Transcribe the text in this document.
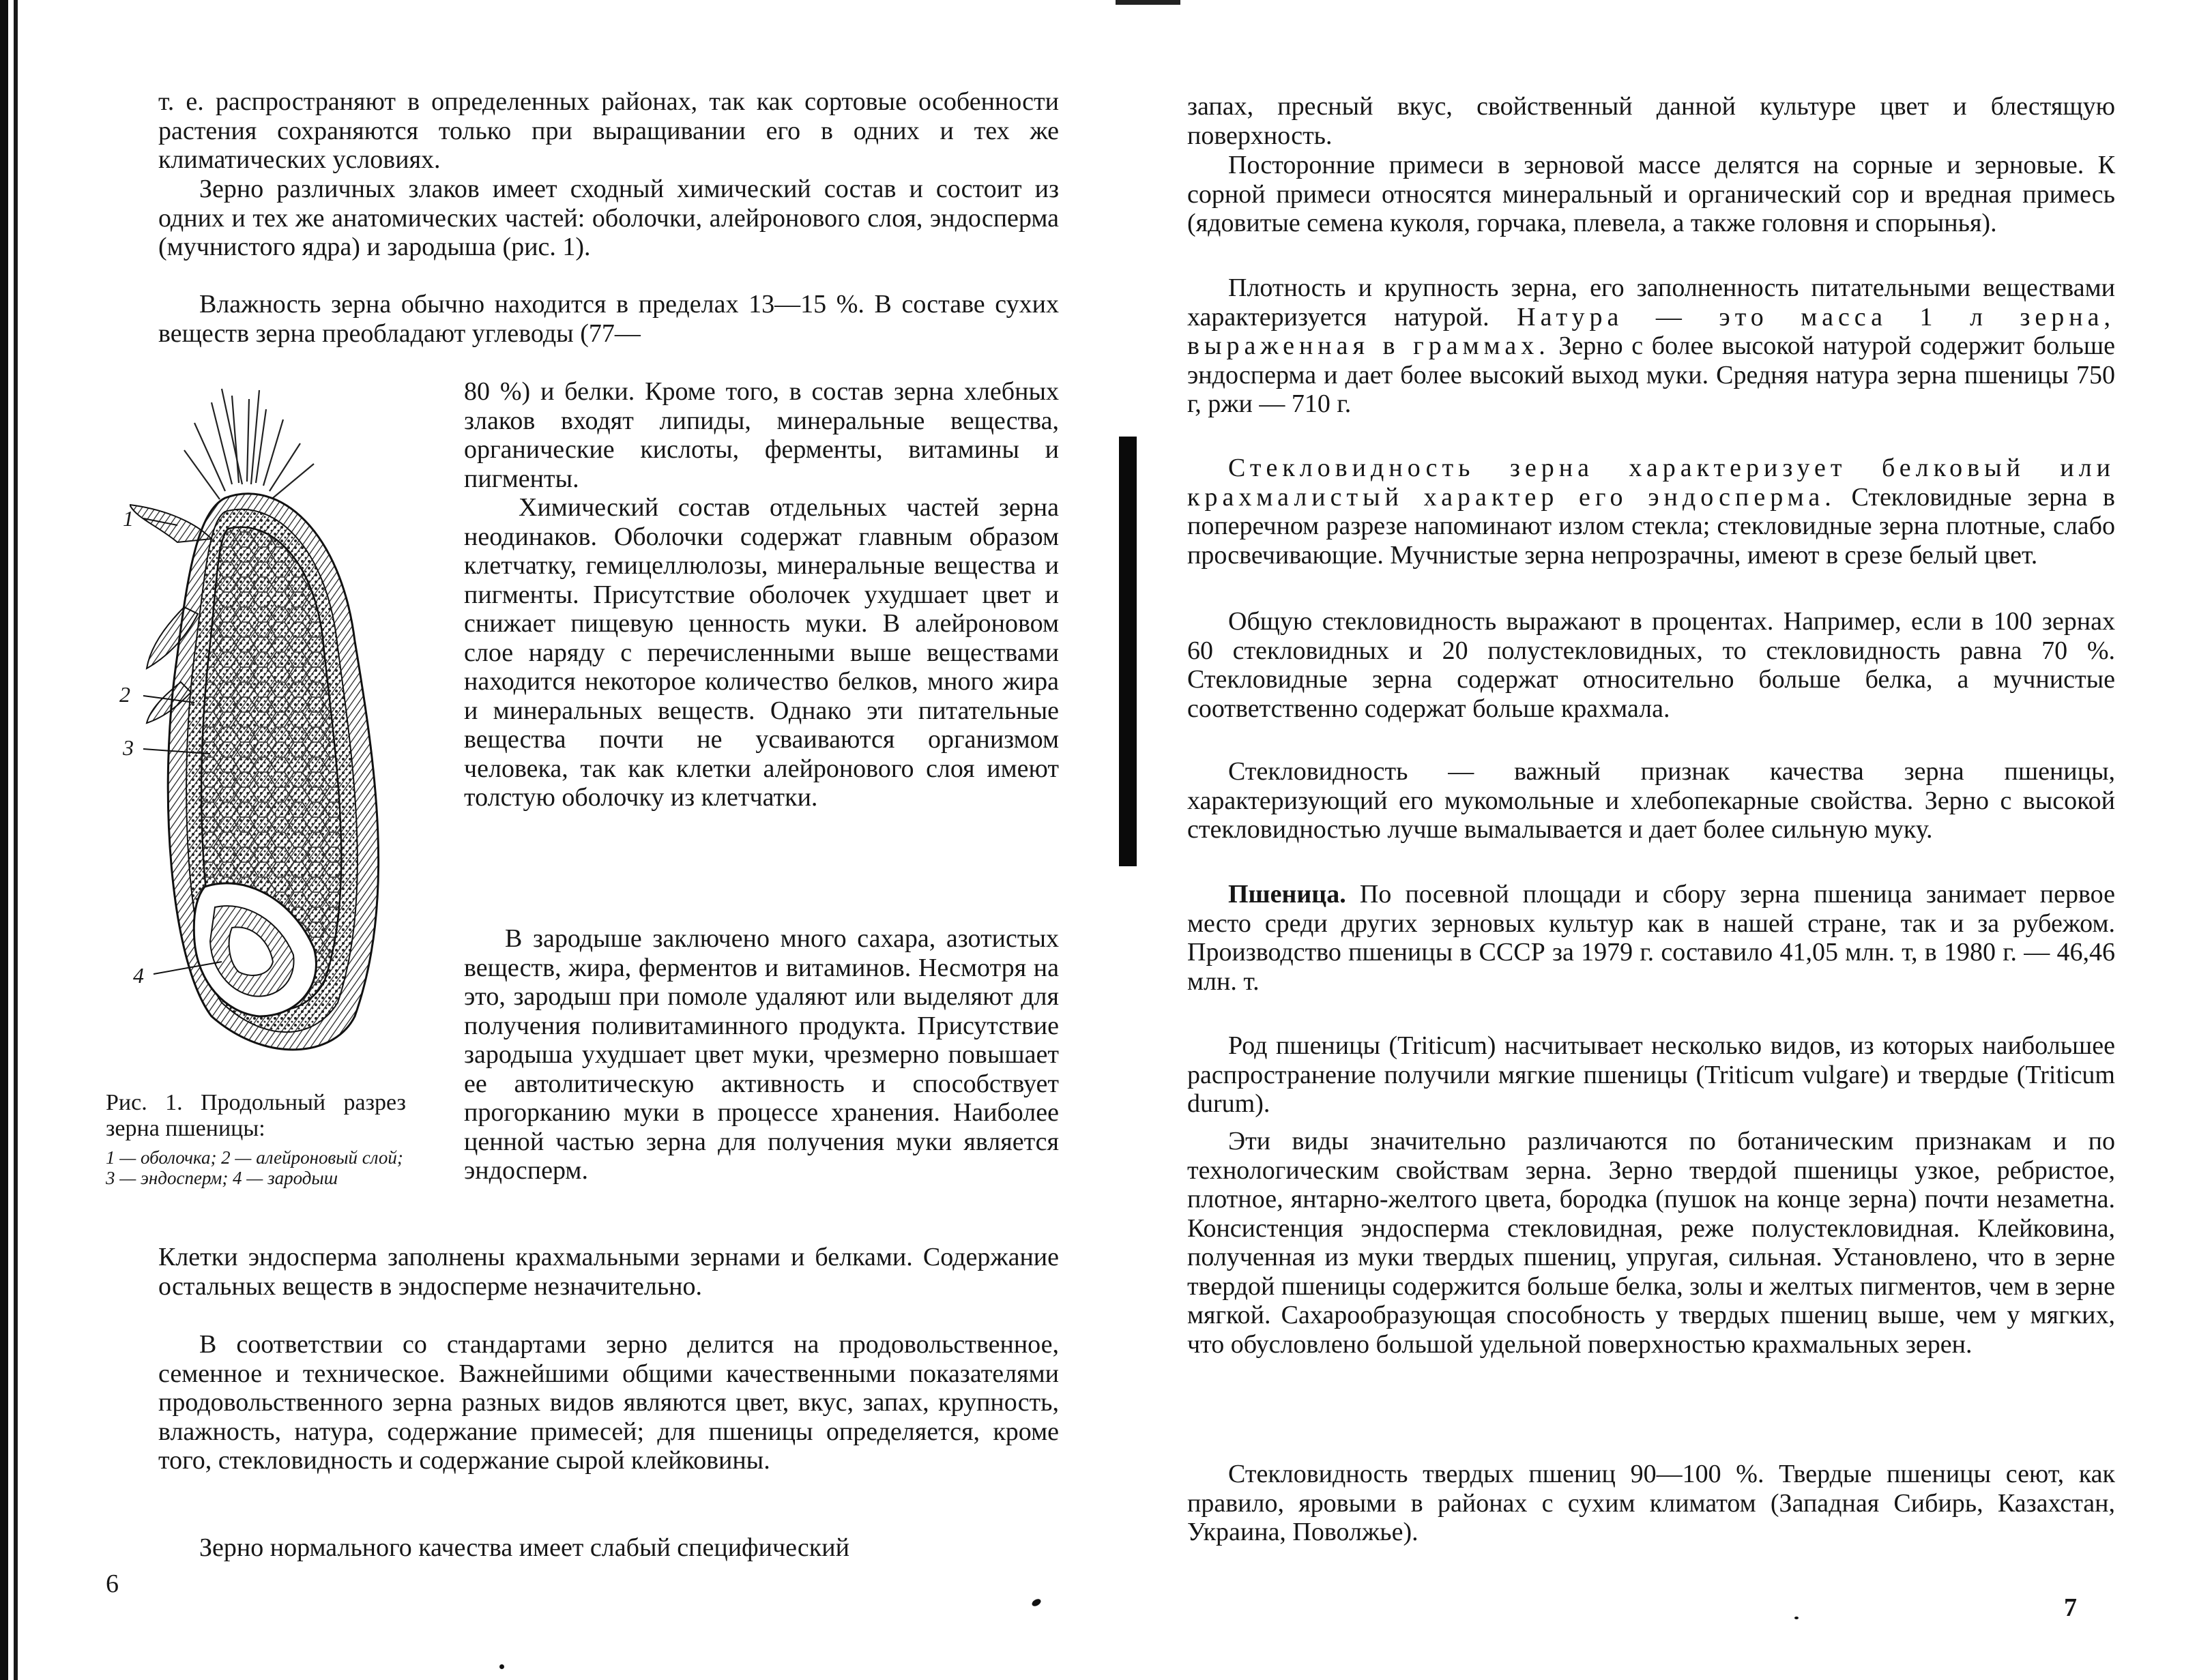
т. е. распространяют в определенных районах, так как сортовые особенности растения сохраняются только при выращивании его в одних и тех же климатических условиях.

Зерно различных злаков имеет сходный химический состав и состоит из одних и тех же анатомических частей: оболочки, алейронового слоя, эндосперма (мучнистого ядра) и зародыша (рис. 1).

Влажность зерна обычно находится в пределах 13—15 %. В составе сухих веществ зерна преобладают углеводы (77—

80 %) и белки. Кроме того, в состав зерна хлебных злаков входят липиды, минеральные вещества, органические кислоты, ферменты, витамины и пигменты.

Химический состав отдельных частей зерна неодинаков. Оболочки содержат главным образом клетчатку, гемицеллюлозы, минеральные вещества и пигменты. Присутствие оболочек ухудшает цвет и снижает пищевую ценность муки. В алейроновом слое наряду с перечисленными выше веществами находится некоторое количество белков, много жира и минеральных веществ. Однако эти питательные вещества почти не усваиваются организмом человека, так как клетки алейронового слоя имеют толстую оболочку из клетчатки.

В зародыше заключено много сахара, азотистых веществ, жира, ферментов и витаминов. Несмотря на это, зародыш при помоле удаляют или выделяют для получения поливитаминного продукта. Присутствие зародыша ухудшает цвет муки, чрезмерно повышает ее автолитическую активность и способствует прогорканию муки в процессе хранения. Наиболее ценной частью зерна для получения муки является эндосперм.

Клетки эндосперма заполнены крахмальными зернами и белками. Содержание остальных веществ в эндосперме незначительно.

В соответствии со стандартами зерно делится на продовольственное, семенное и техническое. Важнейшими общими качественными показателями продовольственного зерна разных видов являются цвет, вкус, запах, крупность, влажность, натура, содержание примесей; для пшеницы определяется, кроме того, стекловидность и содержание сырой клейковины.

Зерно нормального качества имеет слабый специфический

1
2
3
4

Рис. 1. Продольный разрез зерна пшеницы:

1 — оболочка; 2 — алейроновый слой; 3 — эндосперм; 4 — зародыш

6

запах, пресный вкус, свойственный данной культуре цвет и блестящую поверхность.

Посторонние примеси в зерновой массе делятся на сорные и зерновые. К сорной примеси относятся минеральный и органический сор и вредная примесь (ядовитые семена куколя, горчака, плевела, а также головня и спорынья).

Плотность и крупность зерна, его заполненность питательными веществами характеризуется натурой. Натура — это масса 1 л зерна, выраженная в граммах. Зерно с более высокой натурой содержит больше эндосперма и дает более высокий выход муки. Средняя натура зерна пшеницы 750 г, ржи — 710 г.

Стекловидность зерна характеризует белковый или крахмалистый характер его эндосперма. Стекловидные зерна в поперечном разрезе напоминают излом стекла; стекловидные зерна плотные, слабо просвечивающие. Мучнистые зерна непрозрачны, имеют в срезе белый цвет.

Общую стекловидность выражают в процентах. Например, если в 100 зернах 60 стекловидных и 20 полустекловидных, то стекловидность равна 70 %. Стекловидные зерна содержат относительно больше белка, а мучнистые соответственно содержат больше крахмала.

Стекловидность — важный признак качества зерна пшеницы, характеризующий его мукомольные и хлебопекарные свойства. Зерно с высокой стекловидностью лучше вымалывается и дает более сильную муку.

Пшеница. По посевной площади и сбору зерна пшеница занимает первое место среди других зерновых культур как в нашей стране, так и за рубежом. Производство пшеницы в СССР за 1979 г. составило 41,05 млн. т, в 1980 г. — 46,46 млн. т.

Род пшеницы (Triticum) насчитывает несколько видов, из которых наибольшее распространение получили мягкие пшеницы (Triticum vulgare) и твердые (Triticum durum).

Эти виды значительно различаются по ботаническим признакам и по технологическим свойствам зерна. Зерно твердой пшеницы узкое, ребристое, плотное, янтарно-желтого цвета, бородка (пушок на конце зерна) почти незаметна. Консистенция эндосперма стекловидная, реже полустекловидная. Клейковина, полученная из муки твердых пшениц, упругая, сильная. Установлено, что в зерне твердой пшеницы содержится больше белка, золы и желтых пигментов, чем в зерне мягкой. Сахарообразующая способность у твердых пшениц выше, чем у мягких, что обусловлено большой удельной поверхностью крахмальных зерен.

Стекловидность твердых пшениц 90—100 %. Твердые пшеницы сеют, как правило, яровыми в районах с сухим климатом (Западная Сибирь, Казахстан, Украина, Поволжье).

7
